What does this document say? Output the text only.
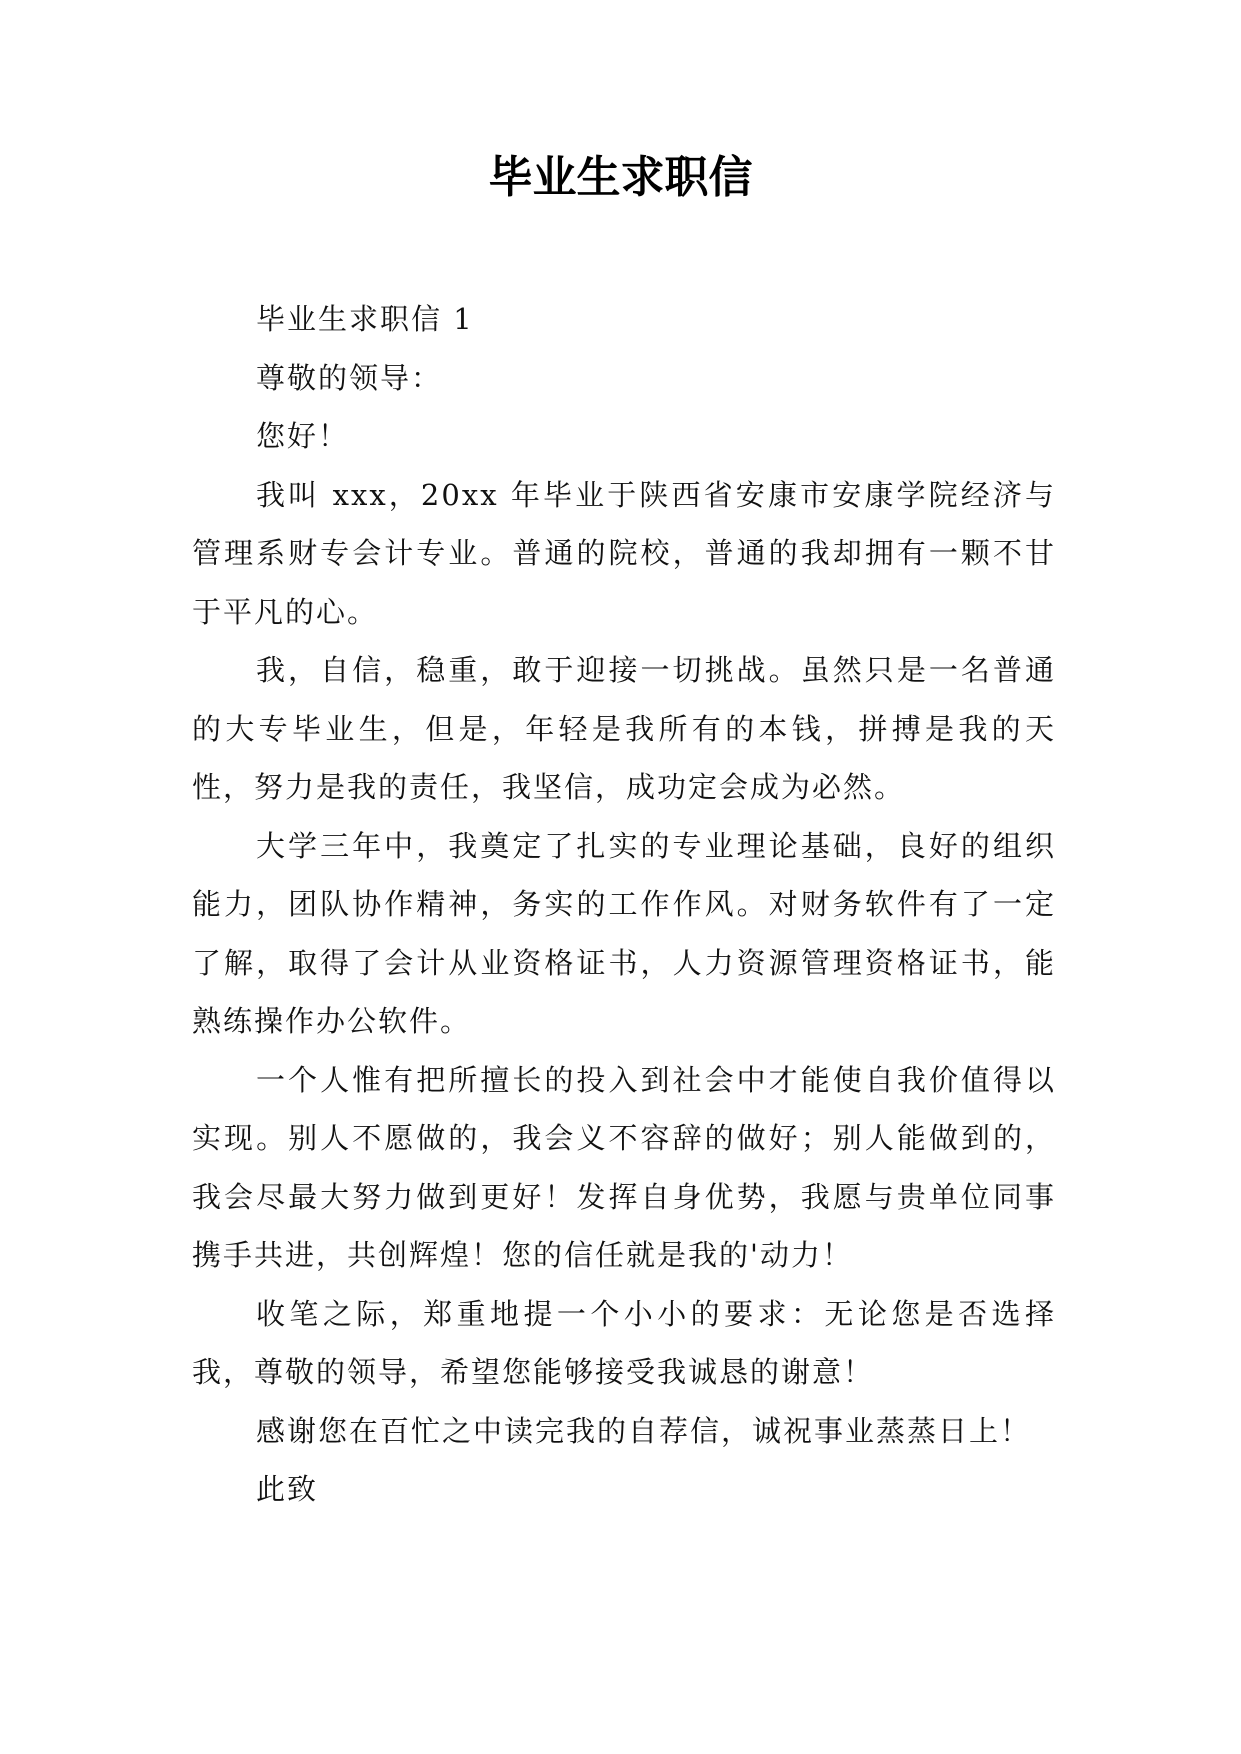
毕业生求职信

毕业生求职信 1

尊敬的领导：

您好！

我叫 xxx，20xx 年毕业于陕西省安康市安康学院经济与管理系财专会计专业。普通的院校，普通的我却拥有一颗不甘于平凡的心。

我，自信，稳重，敢于迎接一切挑战。虽然只是一名普通的大专毕业生，但是，年轻是我所有的本钱，拼搏是我的天性，努力是我的责任，我坚信，成功定会成为必然。

大学三年中，我奠定了扎实的专业理论基础，良好的组织能力，团队协作精神，务实的工作作风。对财务软件有了一定了解，取得了会计从业资格证书，人力资源管理资格证书，能熟练操作办公软件。

一个人惟有把所擅长的投入到社会中才能使自我价值得以实现。别人不愿做的，我会义不容辞的做好；别人能做到的，我会尽最大努力做到更好！发挥自身优势，我愿与贵单位同事携手共进，共创辉煌！您的信任就是我的'动力！

收笔之际，郑重地提一个小小的要求：无论您是否选择我，尊敬的领导，希望您能够接受我诚恳的谢意！

感谢您在百忙之中读完我的自荐信，诚祝事业蒸蒸日上！

此致
